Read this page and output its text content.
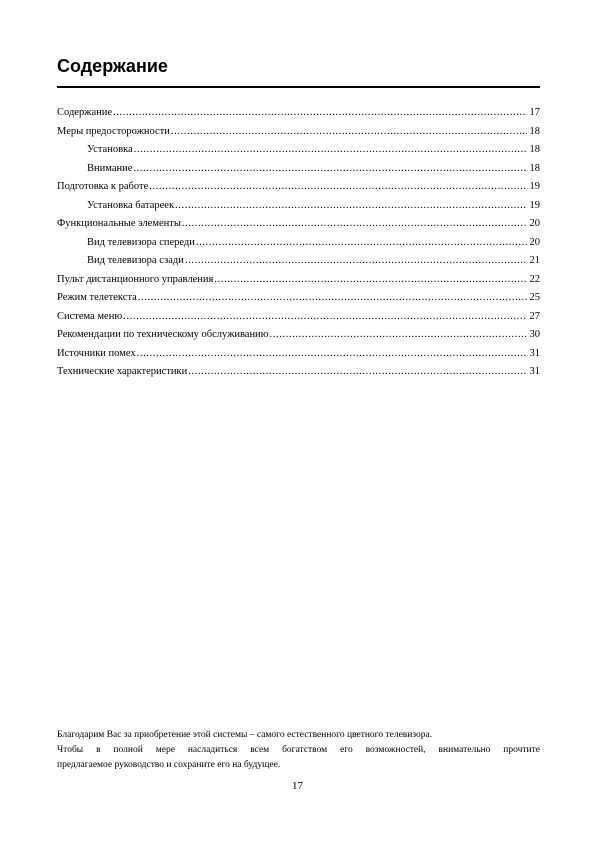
Содержание
Содержание .....	17
Меры предосторожности .....	18
Установка .....	18
Внимание .....	18
Подготовка к работе .....	19
Установка батареек .....	19
Функциональные элементы .....	20
Вид телевизора спереди .....	20
Вид телевизора сзади .....	21
Пульт дистанционного управления .....	22
Режим телетекста .....	25
Система меню .....	27
Рекомендации по техническому обслуживанию .....	30
Источники помех .....	31
Технические характеристики .....	31

Благодарим Вас за приобретение этой системы – самого естественного цветного телевизора.

Чтобы в полной мере насладиться всем богатством его возможностей, внимательно прочтите

предлагаемое руководство и сохраните его на будущее.

17
